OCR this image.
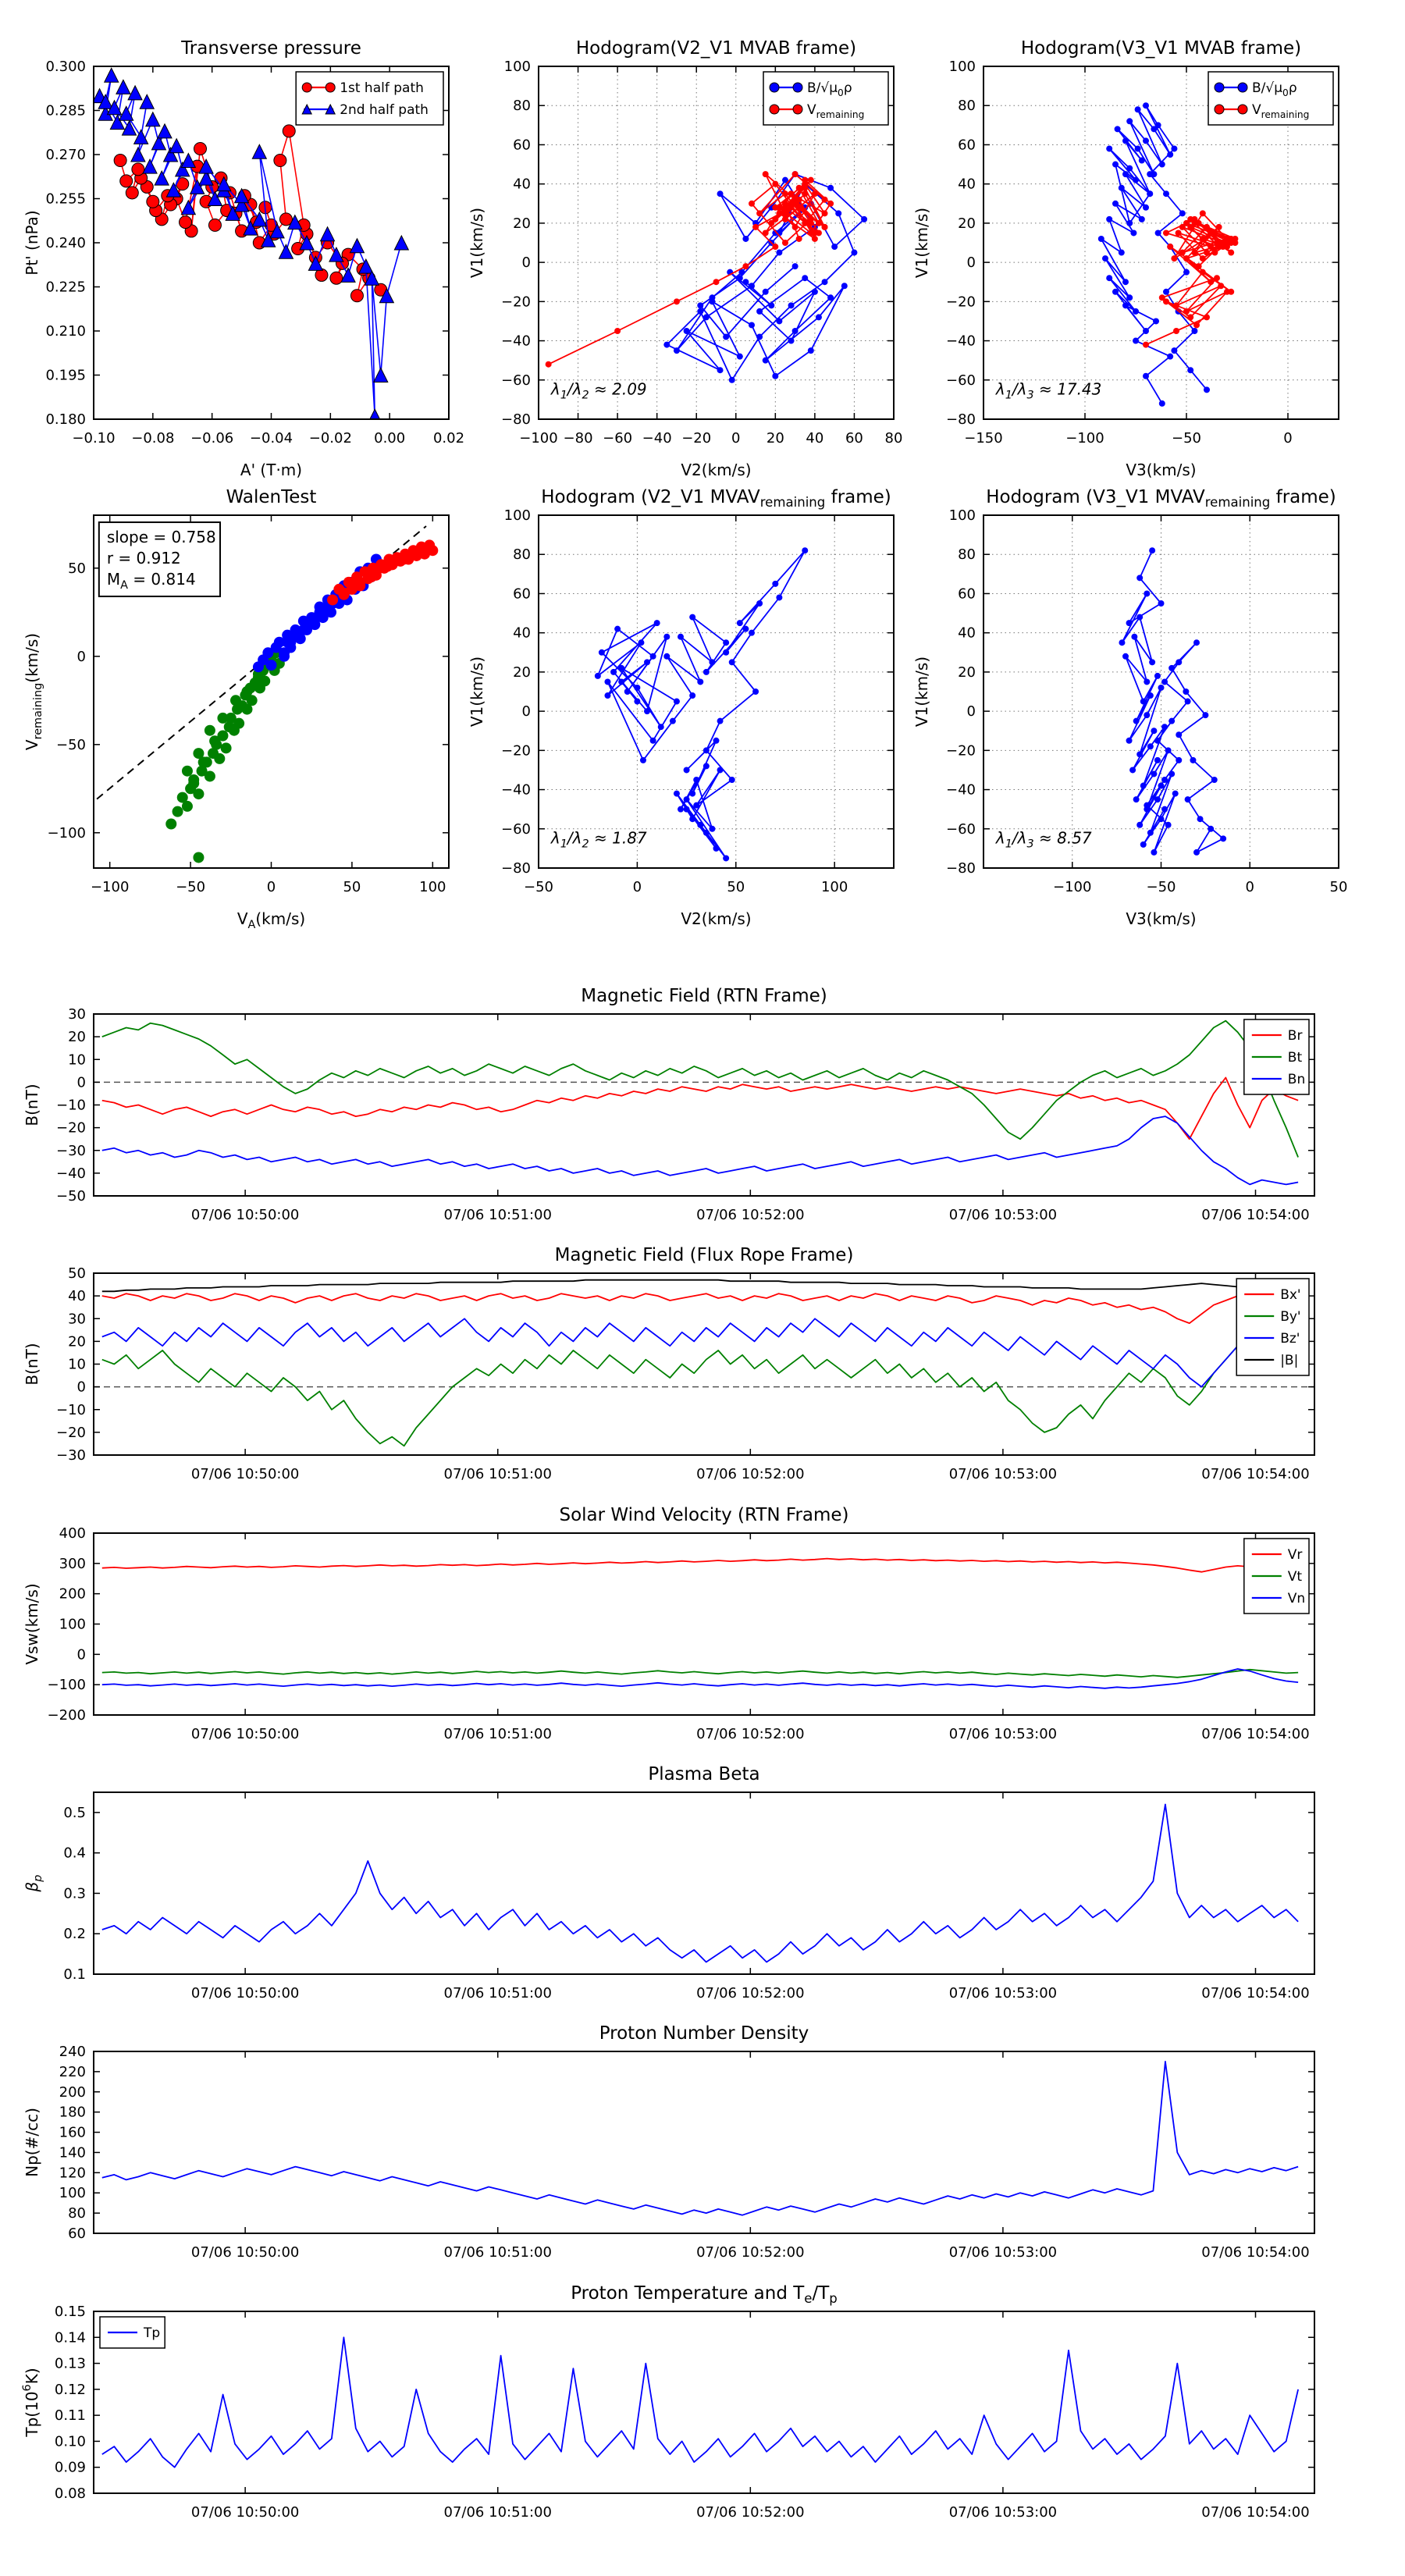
−0.10 −0.08 −0.06 −0.04 −0.02 0.00 0.02
0.180
0.195
0.210
0.225
0.240
0.255
0.270
0.285
0.300
Transverse pressure
A' (T·m)
Pt' (nPa)
1st half path
2nd half path
−100 −80 −60 −40 −20 0 20 40 60 80
−80
−60
−40
−20
0
20
40
60
80
100
Hodogram(V2_V1 MVAB frame)
V2(km/s)
V1(km/s)
$B/√\mu_0\rho$
$V_{remaining}$
$\lambda_1/\lambda_2 \approx 2.09$
−150	−100	−50	0
−80
−60
−40
−20
0
20
40
60
80
100
Hodogram(V3_V1 MVAB frame)
V3(km/s)
V1(km/s)
$B/√\mu_0\rho$
$V_{remaining}$
$\lambda_1/\lambda_3 \approx 17.43$
−100	−50	0	50	100
−100
−50
0
50
WalenTest
$V_A(km/s)$
$V_{remaining}(km/s)$
slope = 0.758
r = 0.912
$M_A = 0.814$
−50	0	50	100
−80
−60
−40
−20
0
20
40
60
80
100
Hodogram (V2_V1 $MVAV_{remaining}$ frame)
V2(km/s)
V1(km/s)
$\lambda_1/\lambda_2 \approx 1.87$
−100	−50	0	50
−80
−60
−40
−20
0
20
40
60
80
100
Hodogram (V3_V1 $MVAV_{remaining}$ frame)
V3(km/s)
V1(km/s)
$\lambda_1/\lambda_3 \approx 8.57$
07/06 10:50:00	07/06 10:51:00	07/06 10:52:00	07/06 10:53:00	07/06 10:54:00
−50
−40
−30
−20
−10
0
10
20
30
Magnetic Field (RTN Frame)
B(nT)
Br
Bt
Bn
07/06 10:50:00	07/06 10:51:00	07/06 10:52:00	07/06 10:53:00	07/06 10:54:00
−30
−20
−10
0
10
20
30
40
50
Magnetic Field (Flux Rope Frame)
B(nT)
Bx'
By'
Bz'
|B|
07/06 10:50:00	07/06 10:51:00	07/06 10:52:00	07/06 10:53:00	07/06 10:54:00
−200
−100
0
100
200
300
400
Solar Wind Velocity (RTN Frame)
Vsw(km/s)
Vr
Vt
Vn
07/06 10:50:00	07/06 10:51:00	07/06 10:52:00	07/06 10:53:00	07/06 10:54:00
0.1
0.2
0.3
0.4
0.5
Plasma Beta
$\beta_p$
07/06 10:50:00	07/06 10:51:00	07/06 10:52:00	07/06 10:53:00	07/06 10:54:00
60
80
100
120
140
160
180
200
220
240
Proton Number Density
Np(#/cc)
07/06 10:50:00	07/06 10:51:00	07/06 10:52:00	07/06 10:53:00	07/06 10:54:00
0.08
0.09
0.10
0.11
0.12
0.13
0.14
0.15
Proton Temperature and $T_e/T_p$
$Tp(10^6K)$
Tp
